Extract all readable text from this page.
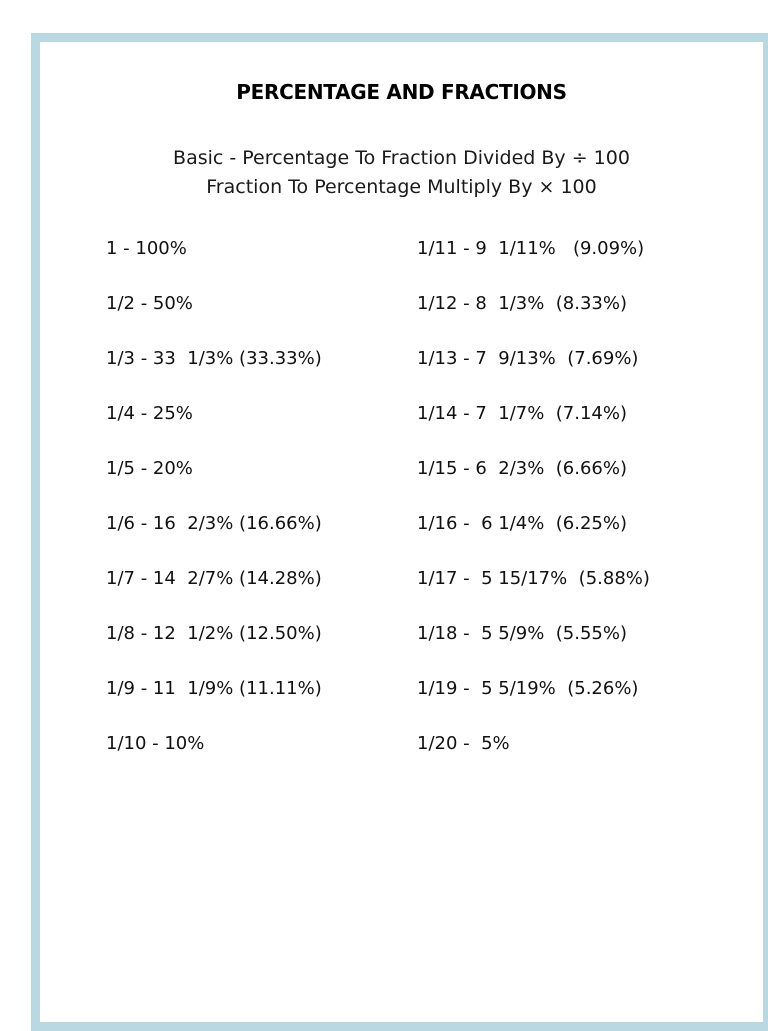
PERCENTAGE AND FRACTIONS
Basic - Percentage To Fraction Divided By ÷ 100
Fraction To Percentage Multiply By × 100
1 - 100%
1/2 - 50%
1/3 - 33  1/3% (33.33%)
1/4 - 25%
1/5 - 20%
1/6 - 16  2/3% (16.66%)
1/7 - 14  2/7% (14.28%)
1/8 - 12  1/2% (12.50%)
1/9 - 11  1/9% (11.11%)
1/10 - 10%
1/11 - 9  1/11%   (9.09%)
1/12 - 8  1/3%  (8.33%)
1/13 - 7  9/13%  (7.69%)
1/14 - 7  1/7%  (7.14%)
1/15 - 6  2/3%  (6.66%)
1/16 -  6 1/4%  (6.25%)
1/17 -  5 15/17%  (5.88%)
1/18 -  5 5/9%  (5.55%)
1/19 -  5 5/19%  (5.26%)
1/20 -  5%
